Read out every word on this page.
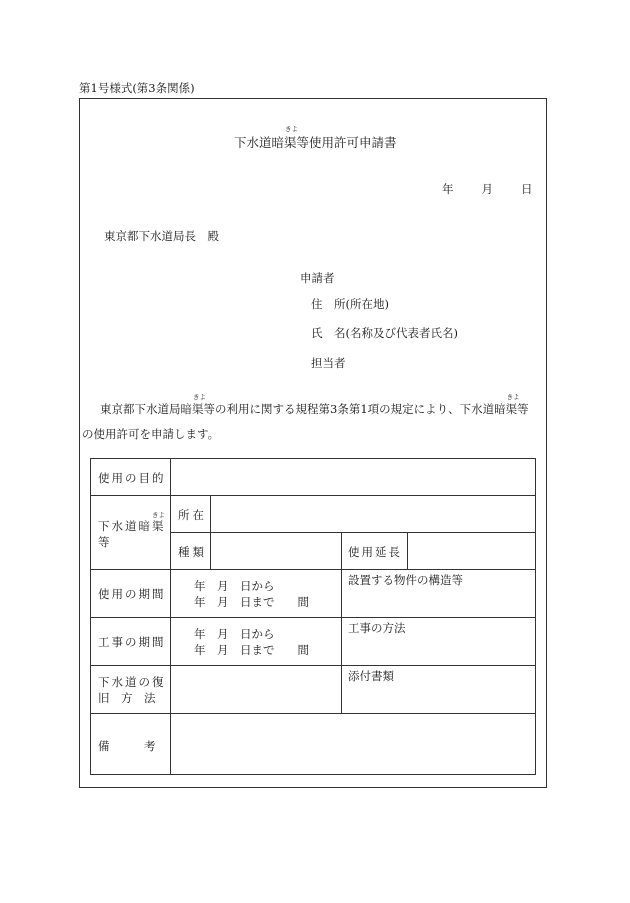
第1号様式(第3条関係)
下水道暗
きよ
渠等使用許可申請書
年 月 日
東京都下水道局長　殿
申請者
住　所(所在地)
氏　名(名称及び代表者氏名)
担当者
東京都下水道局暗
きよ
渠等の利用に関する規程第3条第1項の規定により、下水道暗
きよ
渠等
の使用許可を申請します。
使用の目的
きよ
下水道暗渠
等
所在
種類	使用延長
使用の期間
年　月　日から
年　月　日まで　　間
設置する物件の構造等
工事の期間
年　月　日から
年　月　日まで　　間
工事の方法
下水道の復
旧　方　法
添付書類
備　　　考
